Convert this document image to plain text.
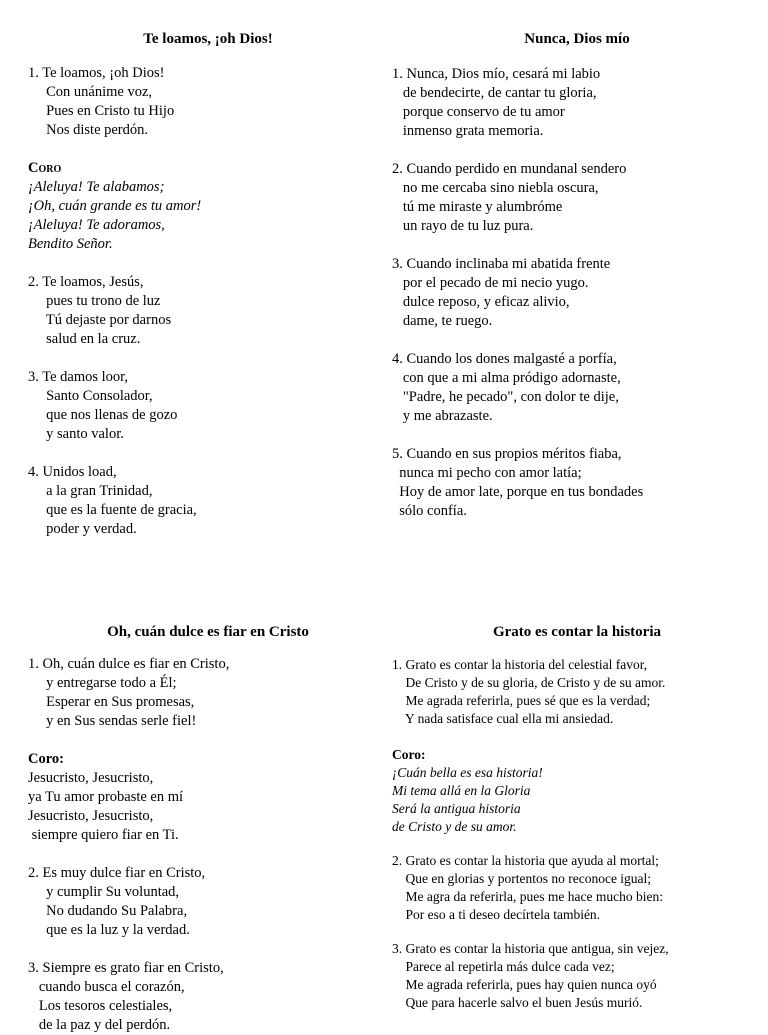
Te loamos, ¡oh Dios!

1. Te loamos, ¡oh Dios!
Con unánime voz,
Pues en Cristo tu Hijo
Nos diste perdón.

Coro

¡Aleluya! Te alabamos;
¡Oh, cuán grande es tu amor!
¡Aleluya! Te adoramos,
Bendito Señor.

2. Te loamos, Jesús,
pues tu trono de luz
Tú dejaste por darnos
salud en la cruz.

3. Te damos loor,
Santo Consolador,
que nos llenas de gozo
y santo valor.

4. Unidos load,
a la gran Trinidad,
que es la fuente de gracia,
poder y verdad.

Nunca, Dios mío

1. Nunca, Dios mío, cesará mi labio
de bendecirte, de cantar tu gloria,
porque conservo de tu amor
inmenso grata memoria.

2. Cuando perdido en mundanal sendero
no me cercaba sino niebla oscura,
tú me miraste y alumbróme
un rayo de tu luz pura.

3. Cuando inclinaba mi abatida frente
por el pecado de mi necio yugo.
dulce reposo, y eficaz alivio,
dame, te ruego.

4. Cuando los dones malgasté a porfía,
con que a mi alma pródigo adornaste,
"Padre, he pecado", con dolor te dije,
y me abrazaste.

5. Cuando en sus propios méritos fiaba,
nunca mi pecho con amor latía;
Hoy de amor late, porque en tus bondades
sólo confía.

Oh, cuán dulce es fiar en Cristo

1. Oh, cuán dulce es fiar en Cristo,
y entregarse todo a Él;
Esperar en Sus promesas,
y en Sus sendas serle fiel!

Coro:

Jesucristo, Jesucristo,
ya Tu amor probaste en mí
Jesucristo, Jesucristo,
siempre quiero fiar en Ti.

2. Es muy dulce fiar en Cristo,
y cumplir Su voluntad,
No dudando Su Palabra,
que es la luz y la verdad.

3. Siempre es grato fiar en Cristo,
cuando busca el corazón,
Los tesoros celestiales,
de la paz y del perdón.

Grato es contar la historia

1. Grato es contar la historia del celestial favor,
De Cristo y de su gloria, de Cristo y de su amor.
Me agrada referirla, pues sé que es la verdad;
Y nada satisface cual ella mi ansiedad.

Coro:

¡Cuán bella es esa historia!
Mi tema allá en la Gloria
Será la antigua historia
de Cristo y de su amor.

2. Grato es contar la historia que ayuda al mortal;
Que en glorias y portentos no reconoce igual;
Me agra da referirla, pues me hace mucho bien:
Por eso a ti deseo decírtela también.

3. Grato es contar la historia que antigua, sin vejez,
Parece al repetirla más dulce cada vez;
Me agrada referirla, pues hay quien nunca oyó
Que para hacerle salvo el buen Jesús murió.
